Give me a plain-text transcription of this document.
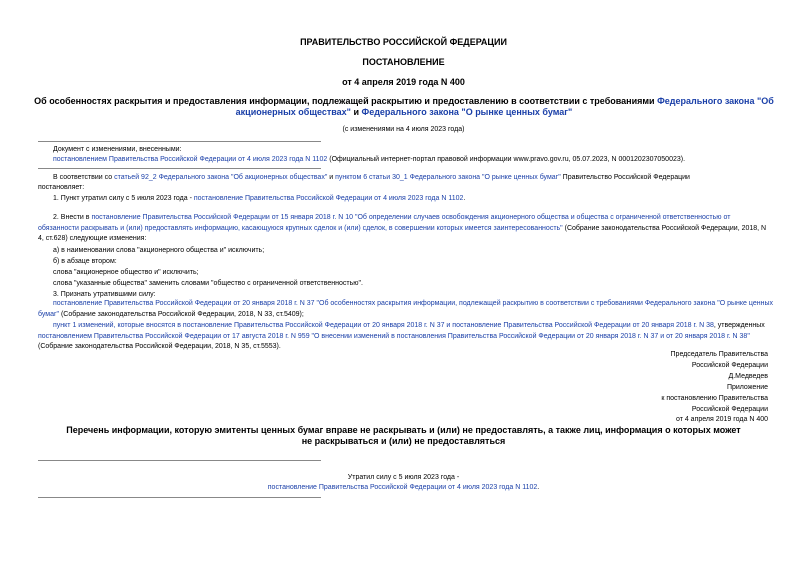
ПРАВИТЕЛЬСТВО РОССИЙСКОЙ ФЕДЕРАЦИИ
ПОСТАНОВЛЕНИЕ
от 4 апреля 2019 года N 400
Об особенностях раскрытия и предоставления информации, подлежащей раскрытию и предоставлению в соответствии с требованиями Федерального закона "Об акционерных обществах" и Федерального закона "О рынке ценных бумаг"
(с изменениями на 4 июля 2023 года)
Документ с изменениями, внесенными:
постановлением Правительства Российской Федерации от 4 июля 2023 года N 1102 (Официальный интернет-портал правовой информации www.pravo.gov.ru, 05.07.2023, N 0001202307050023).
В соответствии со статьей 92_2 Федерального закона "Об акционерных обществах" и пунктом 6 статьи 30_1 Федерального закона "О рынке ценных бумаг" Правительство Российской Федерации
постановляет:
1. Пункт утратил силу с 5 июля 2023 года - постановление Правительства Российской Федерации от 4 июля 2023 года N 1102.
2. Внести в постановление Правительства Российской Федерации от 15 января 2018 г. N 10 "Об определении случаев освобождения акционерного общества и общества с ограниченной ответственностью от обязанности раскрывать и (или) предоставлять информацию, касающуюся крупных сделок и (или) сделок, в совершении которых имеется заинтересованность" (Собрание законодательства Российской Федерации, 2018, N 4, ст.628) следующие изменения:
а) в наименовании слова "акционерного общества и" исключить;
б) в абзаце втором:
слова "акционерное общество и" исключить;
слова "указанные общества" заменить словами "общество с ограниченной ответственностью".
3. Признать утратившими силу:
постановление Правительства Российской Федерации от 20 января 2018 г. N 37 "Об особенностях раскрытия информации, подлежащей раскрытию в соответствии с требованиями Федерального закона "О рынке ценных бумаг" (Собрание законодательства Российской Федерации, 2018, N 33, ст.5409);
пункт 1 изменений, которые вносятся в постановление Правительства Российской Федерации от 20 января 2018 г. N 37 и постановление Правительства Российской Федерации от 20 января 2018 г. N 38, утвержденных постановлением Правительства Российской Федерации от 17 августа 2018 г. N 959 "О внесении изменений в постановления Правительства Российской Федерации от 20 января 2018 г. N 37 и от 20 января 2018 г. N 38" (Собрание законодательства Российской Федерации, 2018, N 35, ст.5553).
Председатель Правительства
Российской Федерации
Д.Медведев
Приложение
к постановлению Правительства
Российской Федерации
от 4 апреля 2019 года N 400
Перечень информации, которую эмитенты ценных бумаг вправе не раскрывать и (или) не предоставлять, а также лиц, информация о которых может не раскрываться и (или) не предоставляться
Утратил силу с 5 июля 2023 года -
постановление Правительства Российской Федерации от 4 июля 2023 года N 1102.
